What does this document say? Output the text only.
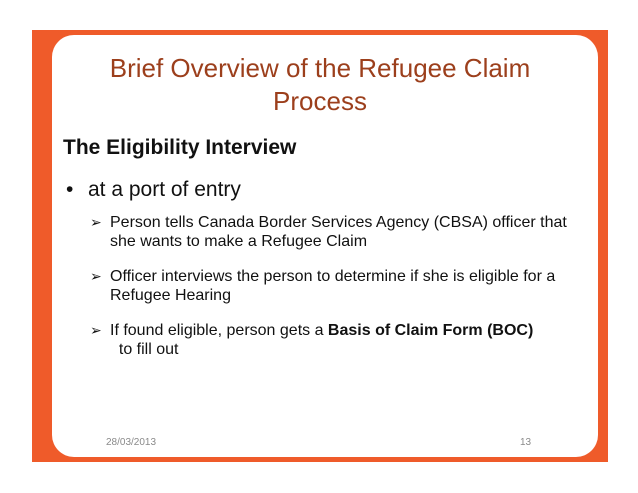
Brief Overview of the Refugee Claim
Process
The Eligibility Interview

• at a port of entry

➢ Person tells Canada Border Services Agency (CBSA) officer that she wants to make a Refugee Claim

➢ Officer interviews the person to determine if she is eligible for a Refugee Hearing

➢ If found eligible, person gets a Basis of Claim Form (BOC)  to fill out

28/03/2013	13
